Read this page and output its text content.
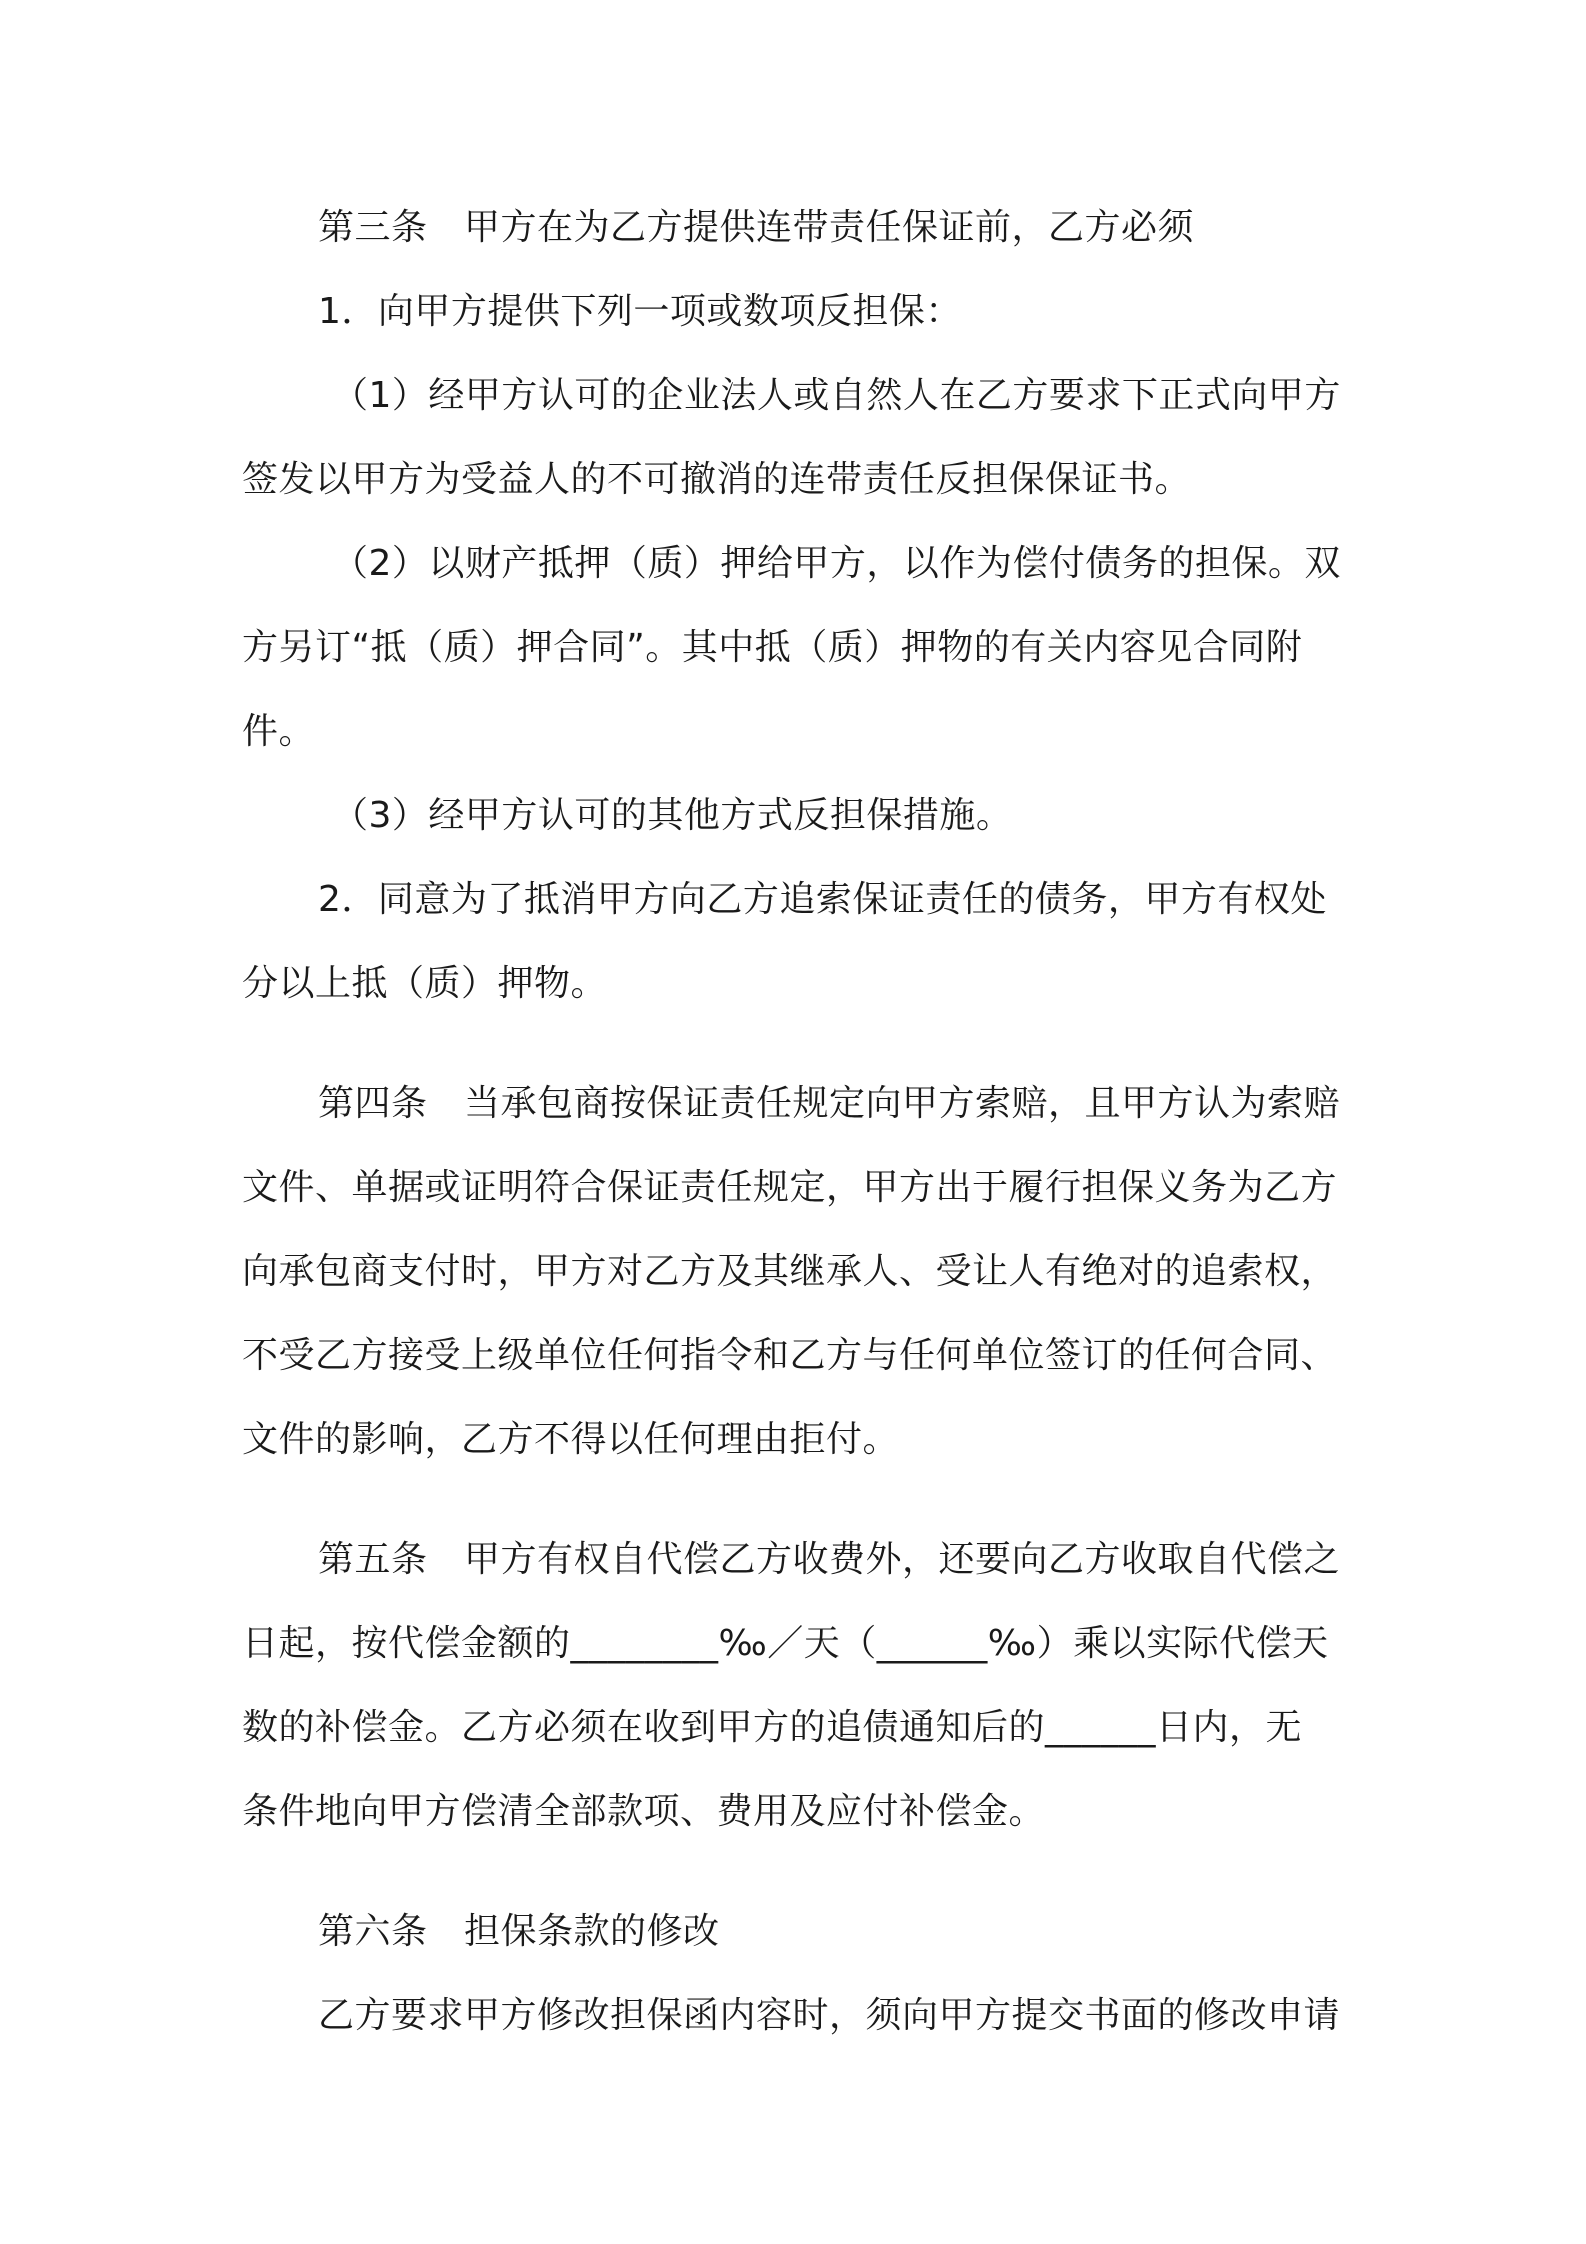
第三条　甲方在为乙方提供连带责任保证前，乙方必须
1．向甲方提供下列一项或数项反担保：
（1）经甲方认可的企业法人或自然人在乙方要求下正式向甲方
签发以甲方为受益人的不可撤消的连带责任反担保保证书。
（2）以财产抵押（质）押给甲方，以作为偿付债务的担保。双
方另订“抵（质）押合同”。其中抵（质）押物的有关内容见合同附
件。
（3）经甲方认可的其他方式反担保措施。
2．同意为了抵消甲方向乙方追索保证责任的债务，甲方有权处
分以上抵（质）押物。
第四条　当承包商按保证责任规定向甲方索赔，且甲方认为索赔
文件、单据或证明符合保证责任规定，甲方出于履行担保义务为乙方
向承包商支付时，甲方对乙方及其继承人、受让人有绝对的追索权，
不受乙方接受上级单位任何指令和乙方与任何单位签订的任何合同、
文件的影响，乙方不得以任何理由拒付。
第五条　甲方有权自代偿乙方收费外，还要向乙方收取自代偿之
日起，按代偿金额的________‰／天（______‰）乘以实际代偿天
数的补偿金。乙方必须在收到甲方的追债通知后的______日内，无
条件地向甲方偿清全部款项、费用及应付补偿金。
第六条　担保条款的修改
乙方要求甲方修改担保函内容时，须向甲方提交书面的修改申请
